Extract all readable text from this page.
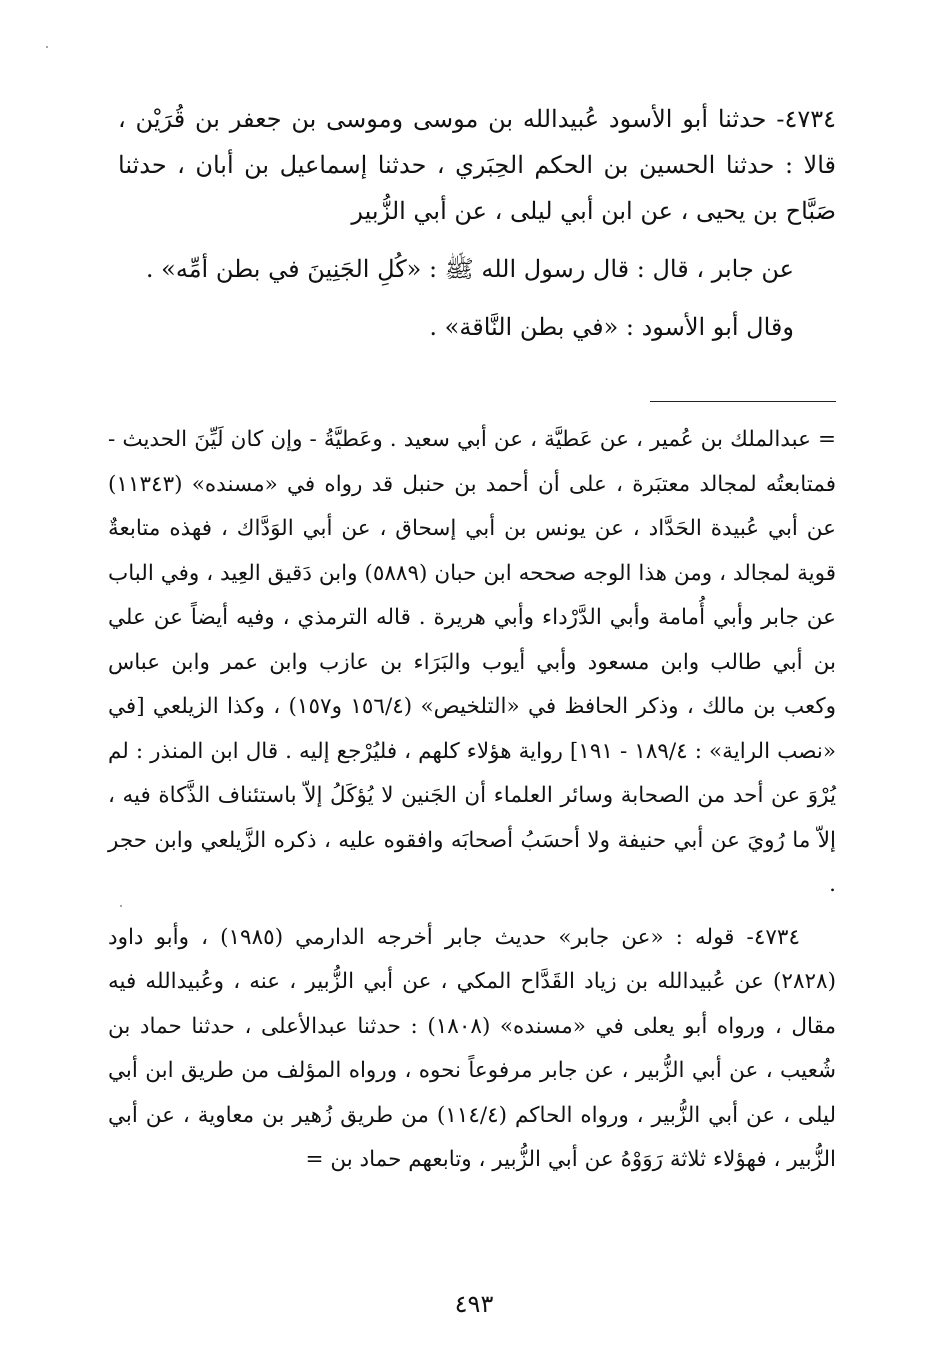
٤٧٣٤- حدثنا أبو الأسود عُبيدالله بن موسى وموسى بن جعفر بن قُرَيْن ، قالا : حدثنا الحسين بن الحكم الحِبَري ، حدثنا إسماعيل بن أبان ، حدثنا صَبَّاح بن يحيى ، عن ابن أبي ليلى ، عن أبي الزُّبير

عن جابر ، قال : قال رسول الله ﷺ : «كُلِ الجَنِينَ في بطن أمِّه» .

وقال أبو الأسود : «في بطن النَّاقة» .

= عبدالملك بن عُمير ، عن عَطيَّة ، عن أبي سعيد . وعَطيَّةُ - وإن كان لَيِّنَ الحديث - فمتابعتُه لمجالد معتبَرة ، على أن أحمد بن حنبل قد رواه في «مسنده» (١١٣٤٣) عن أبي عُبيدة الحَدَّاد ، عن يونس بن أبي إسحاق ، عن أبي الوَدَّاك ، فهذه متابعةٌ قوية لمجالد ، ومن هذا الوجه صححه ابن حبان (٥٨٨٩) وابن دَقيق العِيد ، وفي الباب عن جابر وأبي أُمامة وأبي الدَّرْداء وأبي هريرة . قاله الترمذي ، وفيه أيضاً عن علي بن أبي طالب وابن مسعود وأبي أيوب والبَرَاء بن عازب وابن عمر وابن عباس وكعب بن مالك ، وذكر الحافظ في «التلخيص» (١٥٦/٤ و١٥٧) ، وكذا الزيلعي [في «نصب الراية» : ١٨٩/٤ - ١٩١] رواية هؤلاء كلهم ، فليُرْجع إليه . قال ابن المنذر : لم يُرْوَ عن أحد من الصحابة وسائر العلماء أن الجَنين لا يُؤكَلُ إلاّ باستئناف الذَّكاة فيه ، إلاّ ما رُويَ عن أبي حنيفة ولا أحسَبُ أصحابَه وافقوه عليه ، ذكره الزَّيلعي وابن حجر .

٤٧٣٤- قوله : «عن جابر» حديث جابر أخرجه الدارمي (١٩٨٥) ، وأبو داود (٢٨٢٨) عن عُبيدالله بن زياد القَدَّاح المكي ، عن أبي الزُّبير ، عنه ، وعُبيدالله فيه مقال ، ورواه أبو يعلى في «مسنده» (١٨٠٨) : حدثنا عبدالأعلى ، حدثنا حماد بن شُعيب ، عن أبي الزُّبير ، عن جابر مرفوعاً نحوه ، ورواه المؤلف من طريق ابن أبي ليلى ، عن أبي الزُّبير ، ورواه الحاكم (١١٤/٤) من طريق زُهير بن معاوية ، عن أبي الزُّبير ، فهؤلاء ثلاثة رَوَوْهُ عن أبي الزُّبير ، وتابعهم حماد بن =

٤٩٣
